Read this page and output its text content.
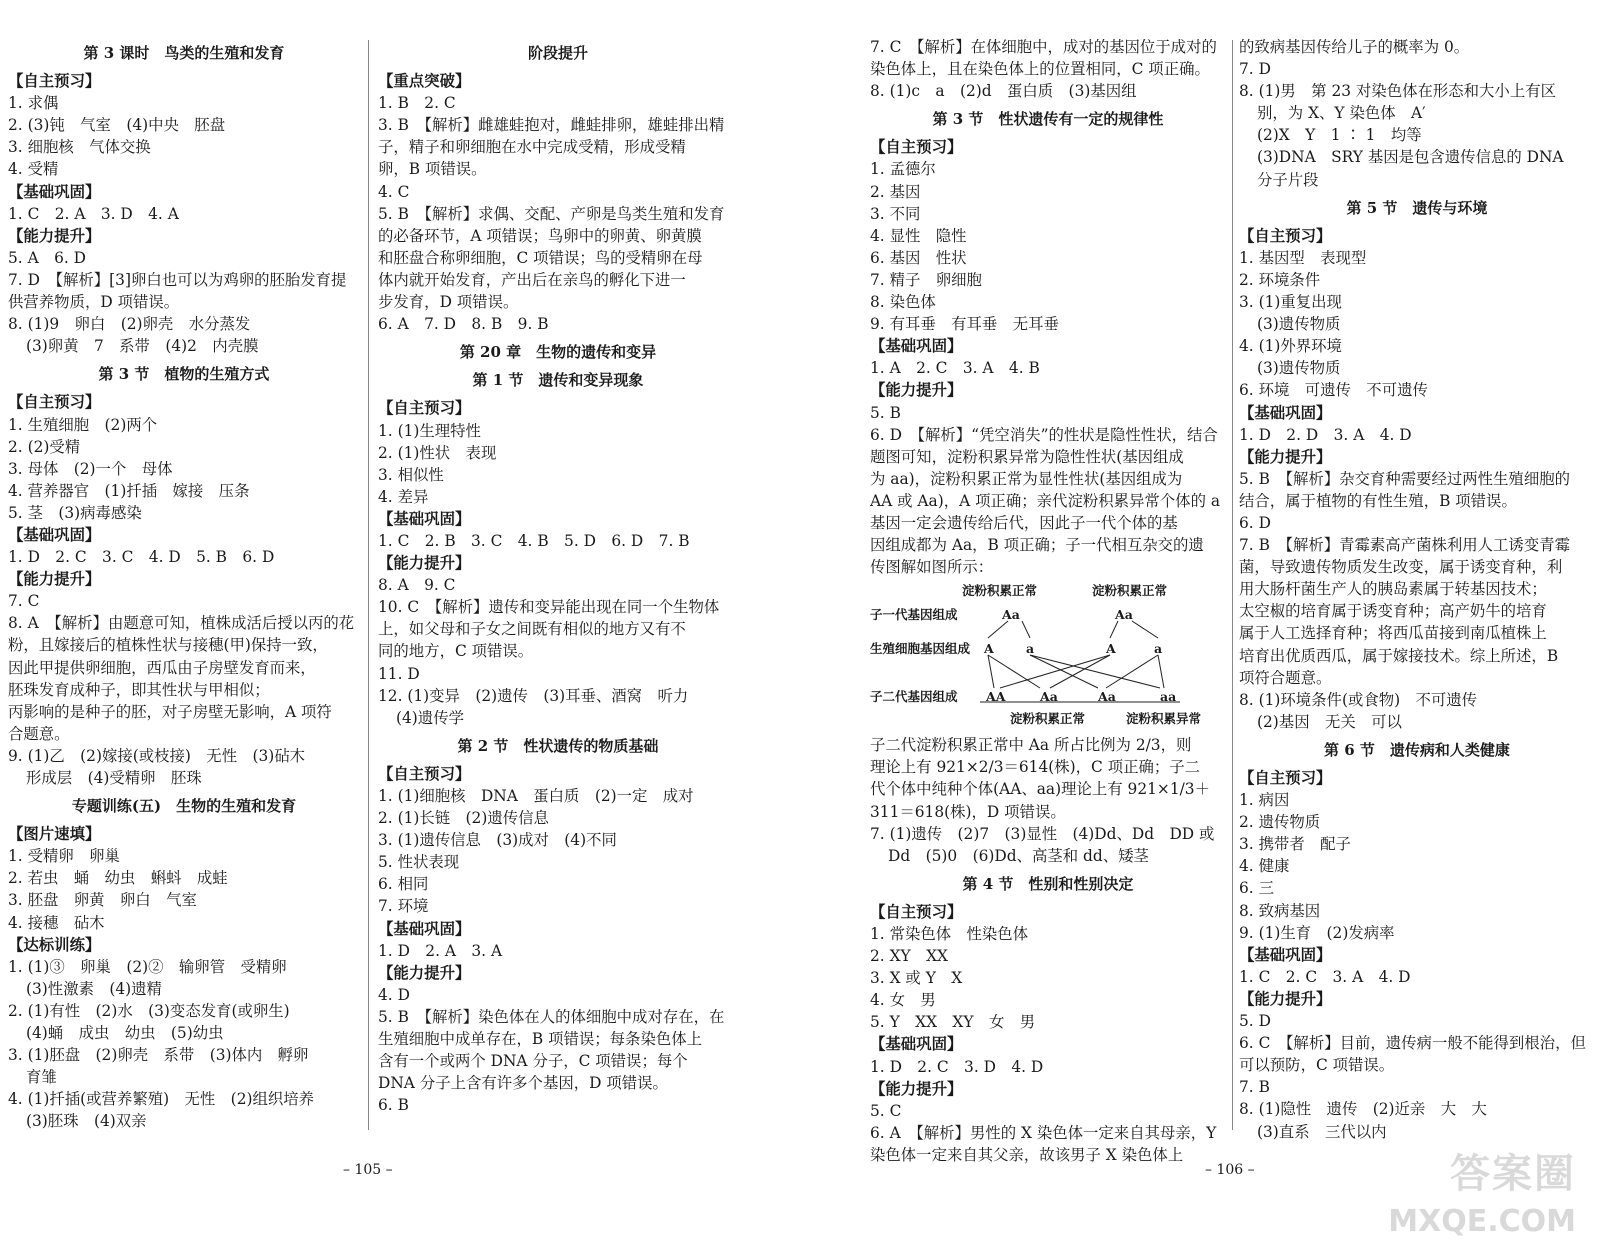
第 3 课时　鸟类的生殖和发育
【自主预习】
1. 求偶
2. (3)钝　气室　(4)中央　胚盘
3. 细胞核　气体交换
4. 受精
【基础巩固】
1. C　2. A　3. D　4. A
【能力提升】
5. A　6. D
7. D　【解析】[3]卵白也可以为鸡卵的胚胎发育提
供营养物质，D 项错误。
8. (1)9　卵白　(2)卵壳　水分蒸发
(3)卵黄　7　系带　(4)2　内壳膜
第 3 节　植物的生殖方式
【自主预习】
1. 生殖细胞　(2)两个
2. (2)受精
3. 母体　(2)一个　母体
4. 营养器官　(1)扦插　嫁接　压条
5. 茎　(3)病毒感染
【基础巩固】
1. D　2. C　3. C　4. D　5. B　6. D
【能力提升】
7. C
8. A　【解析】由题意可知，植株成活后授以丙的花
粉，且嫁接后的植株性状与接穗(甲)保持一致，
因此甲提供卵细胞，西瓜由子房壁发育而来，
胚珠发育成种子，即其性状与甲相似；
丙影响的是种子的胚，对子房壁无影响，A 项符
合题意。
9. (1)乙　(2)嫁接(或枝接)　无性　(3)砧木
形成层　(4)受精卵　胚珠
专题训练(五)　生物的生殖和发育
【图片速填】
1. 受精卵　卵巢
2. 若虫　蛹　幼虫　蝌蚪　成蛙
3. 胚盘　卵黄　卵白　气室
4. 接穗　砧木
【达标训练】
1. (1)③　卵巢　(2)②　输卵管　受精卵
(3)性激素　(4)遗精
2. (1)有性　(2)水　(3)变态发育(或卵生)
(4)蛹　成虫　幼虫　(5)幼虫
3. (1)胚盘　(2)卵壳　系带　(3)体内　孵卵
育雏
4. (1)扦插(或营养繁殖)　无性　(2)组织培养
(3)胚珠　(4)双亲
阶段提升
【重点突破】
1. B　2. C
3. B　【解析】雌雄蛙抱对，雌蛙排卵，雄蛙排出精
子，精子和卵细胞在水中完成受精，形成受精
卵，B 项错误。
4. C
5. B　【解析】求偶、交配、产卵是鸟类生殖和发育
的必备环节，A 项错误；鸟卵中的卵黄、卵黄膜
和胚盘合称卵细胞，C 项错误；鸟的受精卵在母
体内就开始发育，产出后在亲鸟的孵化下进一
步发育，D 项错误。
6. A　7. D　8. B　9. B
第 20 章　生物的遗传和变异
第 1 节　遗传和变异现象
【自主预习】
1. (1)生理特性
2. (1)性状　表现
3. 相似性
4. 差异
【基础巩固】
1. C　2. B　3. C　4. B　5. D　6. D　7. B
【能力提升】
8. A　9. C
10. C　【解析】遗传和变异能出现在同一个生物体
上，如父母和子女之间既有相似的地方又有不
同的地方，C 项错误。
11. D
12. (1)变异　(2)遗传　(3)耳垂、酒窝　听力
(4)遗传学
第 2 节　性状遗传的物质基础
【自主预习】
1. (1)细胞核　DNA　蛋白质　(2)一定　成对
2. (1)长链　(2)遗传信息
3. (1)遗传信息　(3)成对　(4)不同
5. 性状表现
6. 相同
7. 环境
【基础巩固】
1. D　2. A　3. A
【能力提升】
4. D
5. B　【解析】染色体在人的体细胞中成对存在，在
生殖细胞中成单存在，B 项错误；每条染色体上
含有一个或两个 DNA 分子，C 项错误；每个
DNA 分子上含有许多个基因，D 项错误。
6. B
7. C　【解析】在体细胞中，成对的基因位于成对的
染色体上，且在染色体上的位置相同，C 项正确。
8. (1)c　a　(2)d　蛋白质　(3)基因组
第 3 节　性状遗传有一定的规律性
【自主预习】
1. 孟德尔
2. 基因
3. 不同
4. 显性　隐性
6. 基因　性状
7. 精子　卵细胞
8. 染色体
9. 有耳垂　有耳垂　无耳垂
【基础巩固】
1. A　2. C　3. A　4. B
【能力提升】
5. B
6. D　【解析】“凭空消失”的性状是隐性性状，结合
题图可知，淀粉积累异常为隐性性状(基因组成
为 aa)，淀粉积累正常为显性性状(基因组成为
AA 或 Aa)，A 项正确；亲代淀粉积累异常个体的 a
基因一定会遗传给后代，因此子一代个体的基
因组成都为 Aa，B 项正确；子一代相互杂交的遗
传图解如图所示：
淀粉积累正常	淀粉积累正常
子一代基因组成	Aa	Aa
生殖细胞基因组成 A	a	A	a
子二代基因组成 AA	Aa	Aa	aa
淀粉积累正常	淀粉积累异常
子二代淀粉积累正常中 Aa 所占比例为 2/3，则
理论上有 921×2/3＝614(株)，C 项正确；子二
代个体中纯种个体(AA、aa)理论上有 921×1/3＋
311＝618(株)，D 项错误。
7. (1)遗传　(2)7　(3)显性　(4)Dd、Dd　DD 或
Dd　(5)0　(6)Dd、高茎和 dd、矮茎
第 4 节　性别和性别决定
【自主预习】
1. 常染色体　性染色体
2. XY　XX
3. X 或 Y　X
4. 女　男
5. Y　XX　XY　女　男
【基础巩固】
1. D　2. C　3. D　4. D
【能力提升】
5. C
6. A　【解析】男性的 X 染色体一定来自其母亲，Y
染色体一定来自其父亲，故该男子 X 染色体上
的致病基因传给儿子的概率为 0。
7. D
8. (1)男　第 23 对染色体在形态和大小上有区
别，为 X、Y 染色体　A′
(2)X　Y　1 ∶ 1　均等
(3)DNA　SRY 基因是包含遗传信息的 DNA
分子片段
第 5 节　遗传与环境
【自主预习】
1. 基因型　表现型
2. 环境条件
3. (1)重复出现
(3)遗传物质
4. (1)外界环境
(3)遗传物质
6. 环境　可遗传　不可遗传
【基础巩固】
1. D　2. D　3. A　4. D
【能力提升】
5. B　【解析】杂交育种需要经过两性生殖细胞的
结合，属于植物的有性生殖，B 项错误。
6. D
7. B　【解析】青霉素高产菌株利用人工诱变青霉
菌，导致遗传物质发生改变，属于诱变育种，利
用大肠杆菌生产人的胰岛素属于转基因技术；
太空椒的培育属于诱变育种；高产奶牛的培育
属于人工选择育种；将西瓜苗接到南瓜植株上
培育出优质西瓜，属于嫁接技术。综上所述，B
项符合题意。
8. (1)环境条件(或食物)　不可遗传
(2)基因　无关　可以
第 6 节　遗传病和人类健康
【自主预习】
1. 病因
2. 遗传物质
3. 携带者　配子
4. 健康
6. 三
8. 致病基因
9. (1)生育　(2)发病率
【基础巩固】
1. C　2. C　3. A　4. D
【能力提升】
5. D
6. C　【解析】目前，遗传病一般不能得到根治，但
可以预防，C 项错误。
7. B
8. (1)隐性　遗传　(2)近亲　大　大
(3)直系　三代以内
– 105 –	– 106 –	答案圈
MXQE.COM
